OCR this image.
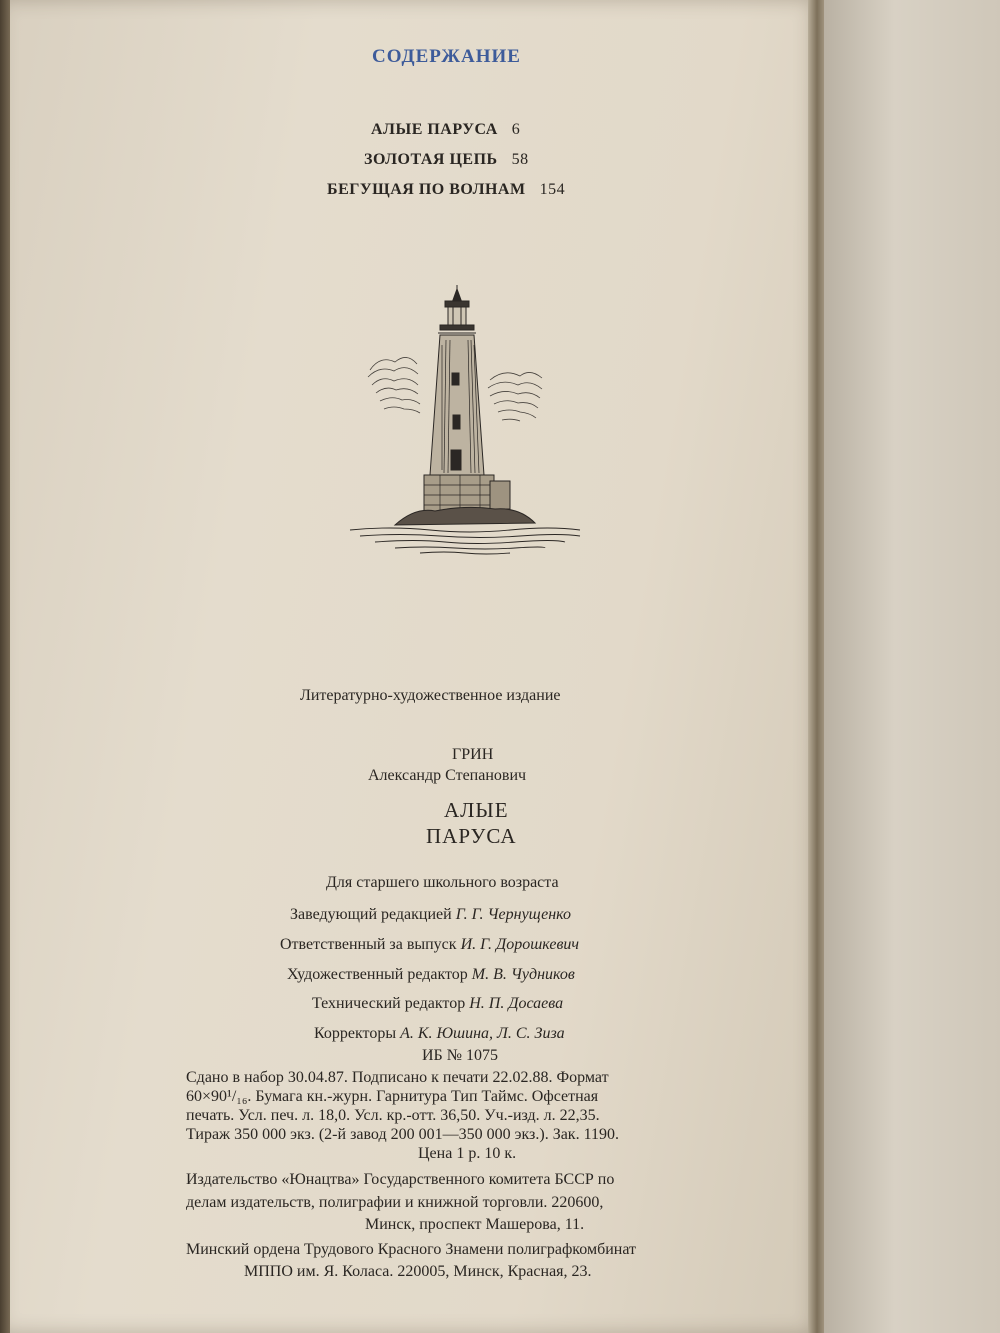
СОДЕРЖАНИЕ
АЛЫЕ ПАРУСА 6
ЗОЛОТАЯ ЦЕПЬ 58
БЕГУЩАЯ ПО ВОЛНАМ 154
Литературно-художественное издание
ГРИН
Александр Степанович
АЛЫЕ
ПАРУСА
Для старшего школьного возраста
Заведующий редакцией Г. Г. Чернущенко
Ответственный за выпуск И. Г. Дорошкевич
Художественный редактор М. В. Чудников
Технический редактор Н. П. Досаева
Корректоры А. К. Юшина, Л. С. Зиза
ИБ № 1075
Сдано в набор 30.04.87. Подписано к печати 22.02.88. Формат
60×90¹/₁₆. Бумага кн.-журн. Гарнитура Тип Таймс. Офсетная
печать. Усл. печ. л. 18,0. Усл. кр.-отт. 36,50. Уч.-изд. л. 22,35.
Тираж 350 000 экз. (2-й завод 200 001—350 000 экз.). Зак. 1190.
Цена 1 р. 10 к.
Издательство «Юнацтва» Государственного комитета БССР по
делам издательств, полиграфии и книжной торговли. 220600,
Минск, проспект Машерова, 11.
Минский ордена Трудового Красного Знамени полиграфкомбинат
МППО им. Я. Коласа. 220005, Минск, Красная, 23.
